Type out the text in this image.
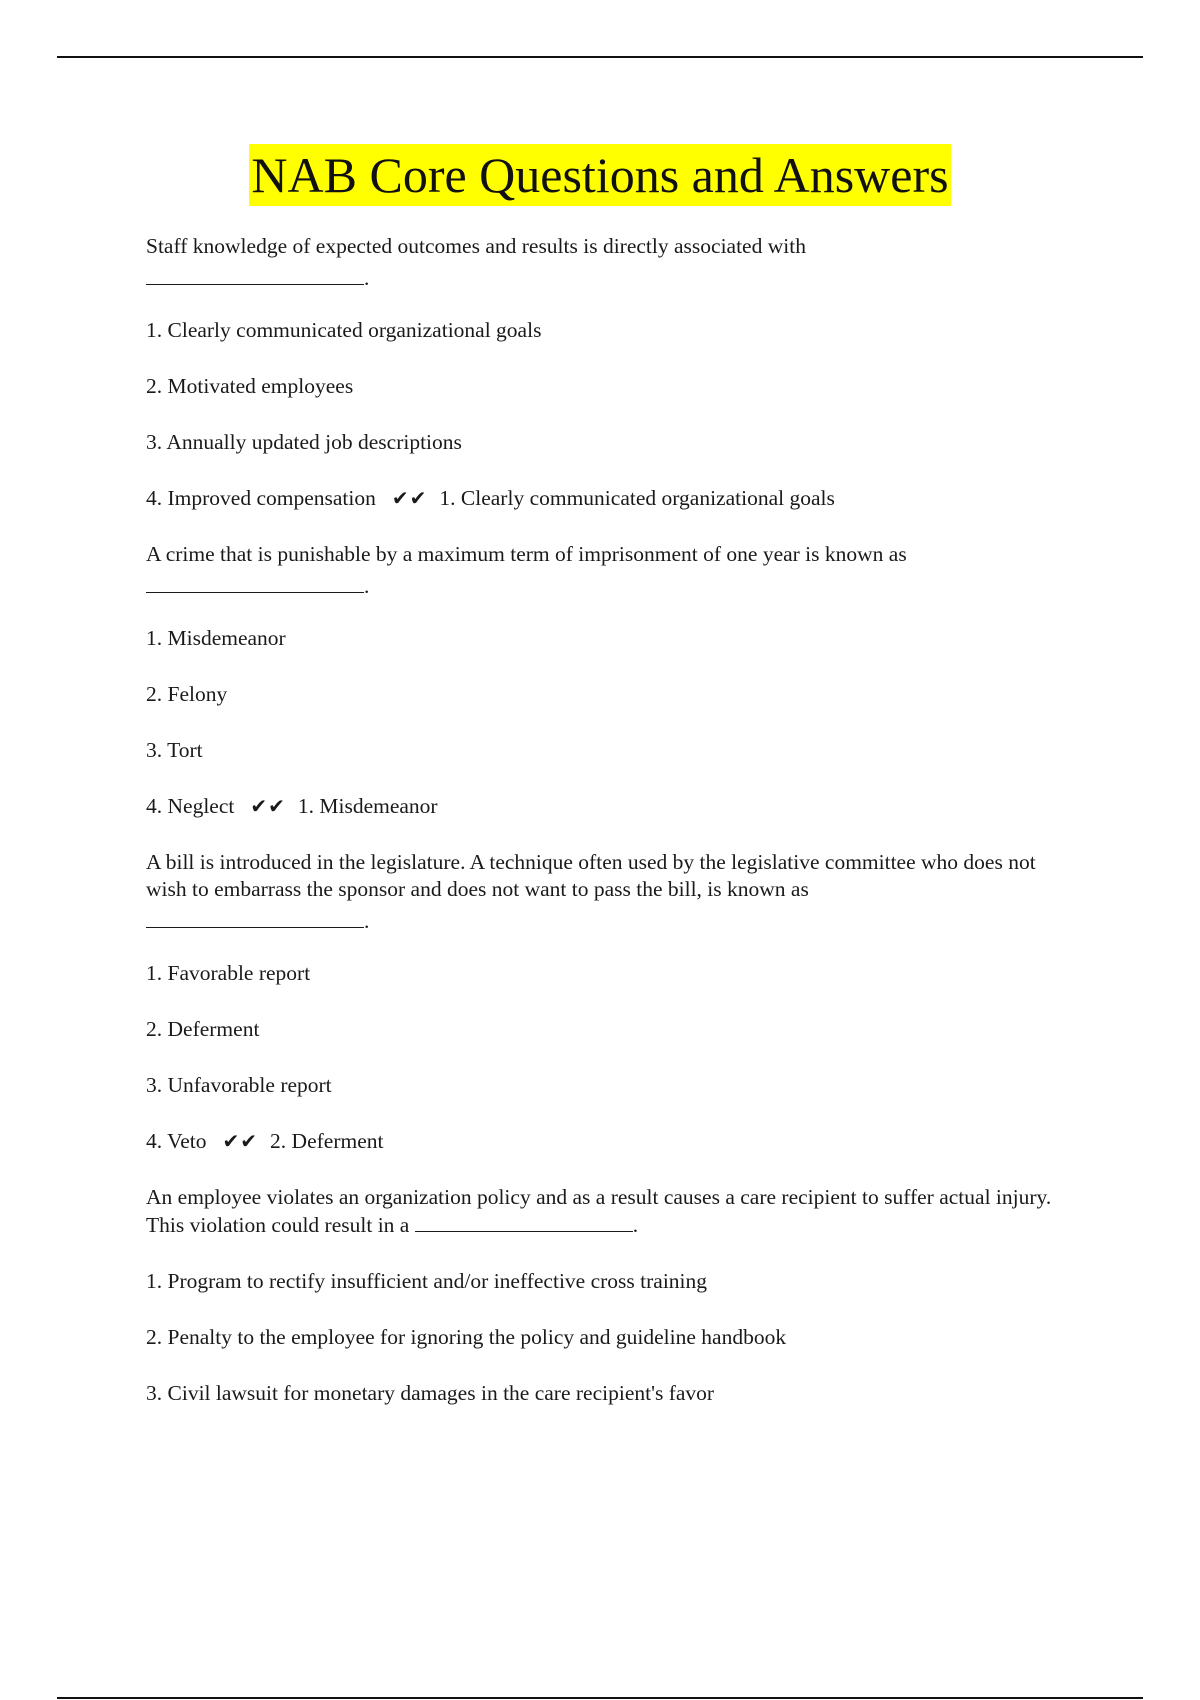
NAB Core Questions and Answers

Staff knowledge of expected outcomes and results is directly associated with
.

1. Clearly communicated organizational goals

2. Motivated employees

3. Annually updated job descriptions

4. Improved compensation ✔✔ 1. Clearly communicated organizational goals

A crime that is punishable by a maximum term of imprisonment of one year is known as
.

1. Misdemeanor

2. Felony

3. Tort

4. Neglect ✔✔ 1. Misdemeanor

A bill is introduced in the legislature. A technique often used by the legislative committee who does not wish to embarrass the sponsor and does not want to pass the bill, is known as
.

1. Favorable report

2. Deferment

3. Unfavorable report

4. Veto ✔✔ 2. Deferment

An employee violates an organization policy and as a result causes a care recipient to suffer actual injury. This violation could result in a	.

1. Program to rectify insufficient and/or ineffective cross training

2. Penalty to the employee for ignoring the policy and guideline handbook

3. Civil lawsuit for monetary damages in the care recipient's favor
